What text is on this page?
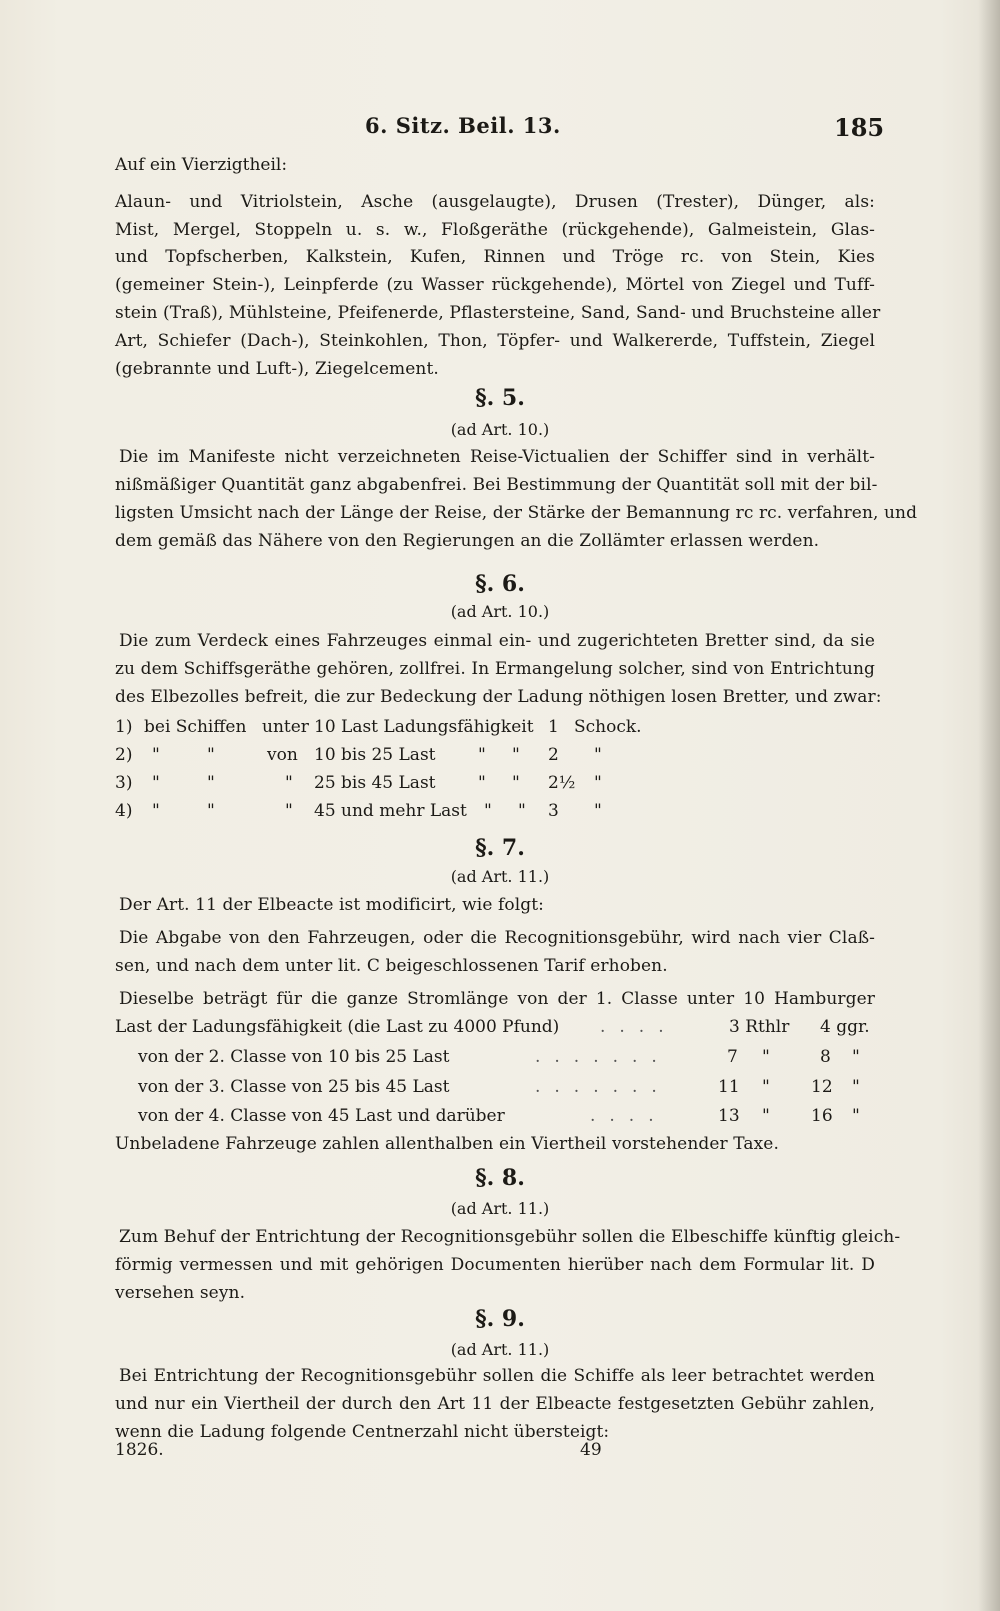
6. Sitz. Beil. 13.	185
Auf ein Vierzigtheil:
Alaun- und Vitriolstein, Asche (ausgelaugte), Drusen (Trester), Dünger, als:
Mist, Mergel, Stoppeln u. s. w., Floßgeräthe (rückgehende), Galmeistein, Glas-
und Topfscherben, Kalkstein, Kufen, Rinnen und Tröge rc. von Stein, Kies
(gemeiner Stein-), Leinpferde (zu Wasser rückgehende), Mörtel von Ziegel und Tuff-
stein (Traß), Mühlsteine, Pfeifenerde, Pflastersteine, Sand, Sand- und Bruchsteine aller
Art, Schiefer (Dach-), Steinkohlen, Thon, Töpfer- und Walkererde, Tuffstein, Ziegel
(gebrannte und Luft-), Ziegelcement.
§. 5.
(ad Art. 10.)
Die im Manifeste nicht verzeichneten Reise-Victualien der Schiffer sind in verhält-
nißmäßiger Quantität ganz abgabenfrei. Bei Bestimmung der Quantität soll mit der bil-
ligsten Umsicht nach der Länge der Reise, der Stärke der Bemannung rc rc. verfahren, und
dem gemäß das Nähere von den Regierungen an die Zollämter erlassen werden.
§. 6.
(ad Art. 10.)
Die zum Verdeck eines Fahrzeuges einmal ein- und zugerichteten Bretter sind, da sie
zu dem Schiffsgeräthe gehören, zollfrei. In Ermangelung solcher, sind von Entrichtung
des Elbezolles befreit, die zur Bedeckung der Ladung nöthigen losen Bretter, und zwar:
1) bei Schiffen unter 10 Last Ladungsfähigkeit 1 Schock.
2) "	"	von 10 bis 25 Last	" " 2 "
3) "	"	" 25 bis 45 Last	" " 2½ "
4) "	"	" 45 und mehr Last " " 3 "
§. 7.
(ad Art. 11.)
Der Art. 11 der Elbeacte ist modificirt, wie folgt:
Die Abgabe von den Fahrzeugen, oder die Recognitionsgebühr, wird nach vier Claß-
sen, und nach dem unter lit. C beigeschlossenen Tarif erhoben.
Dieselbe beträgt für die ganze Stromlänge von der 1. Classe unter 10 Hamburger
Last der Ladungsfähigkeit (die Last zu 4000 Pfund) ....	3 Rthlr 4 ggr.
von der 2. Classe von 10 bis 25 Last	.......	7 "	8 "
von der 3. Classe von 25 bis 45 Last	.......	11 " 12 "
von der 4. Classe von 45 Last und darüber	....	13 " 16 "
Unbeladene Fahrzeuge zahlen allenthalben ein Viertheil vorstehender Taxe.
§. 8.
(ad Art. 11.)
Zum Behuf der Entrichtung der Recognitionsgebühr sollen die Elbeschiffe künftig gleich-
förmig vermessen und mit gehörigen Documenten hierüber nach dem Formular lit. D
versehen seyn.
§. 9.
(ad Art. 11.)
Bei Entrichtung der Recognitionsgebühr sollen die Schiffe als leer betrachtet werden
und nur ein Viertheil der durch den Art 11 der Elbeacte festgesetzten Gebühr zahlen,
wenn die Ladung folgende Centnerzahl nicht übersteigt:
1826.	49
